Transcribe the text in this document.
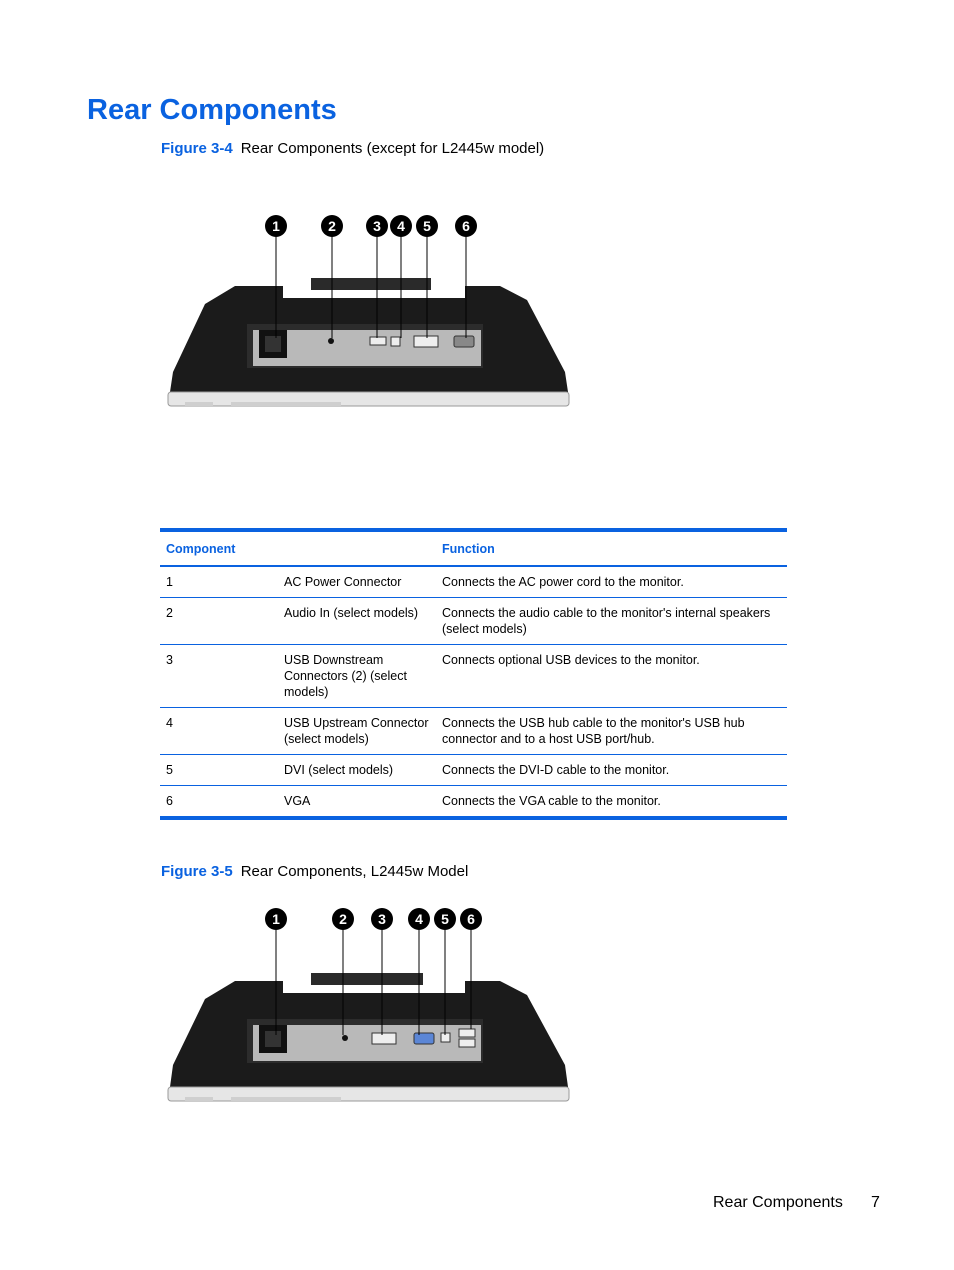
Rear Components
Figure 3-4 Rear Components (except for L2445w model)
1	2	3 4 5 6
Component		Function
1	AC Power Connector	Connects the AC power cord to the monitor.
2	Audio In (select models)	Connects the audio cable to the monitor's internal speakers (select models)
3	USB Downstream Connectors (2) (select models)	Connects optional USB devices to the monitor.
4	USB Upstream Connector (select models)	Connects the USB hub cable to the monitor's USB hub connector and to a host USB port/hub.
5	DVI (select models)	Connects the DVI-D cable to the monitor.
6	VGA	Connects the VGA cable to the monitor.
Figure 3-5 Rear Components, L2445w Model
1	2 3 4 5 6
Rear Components 7
